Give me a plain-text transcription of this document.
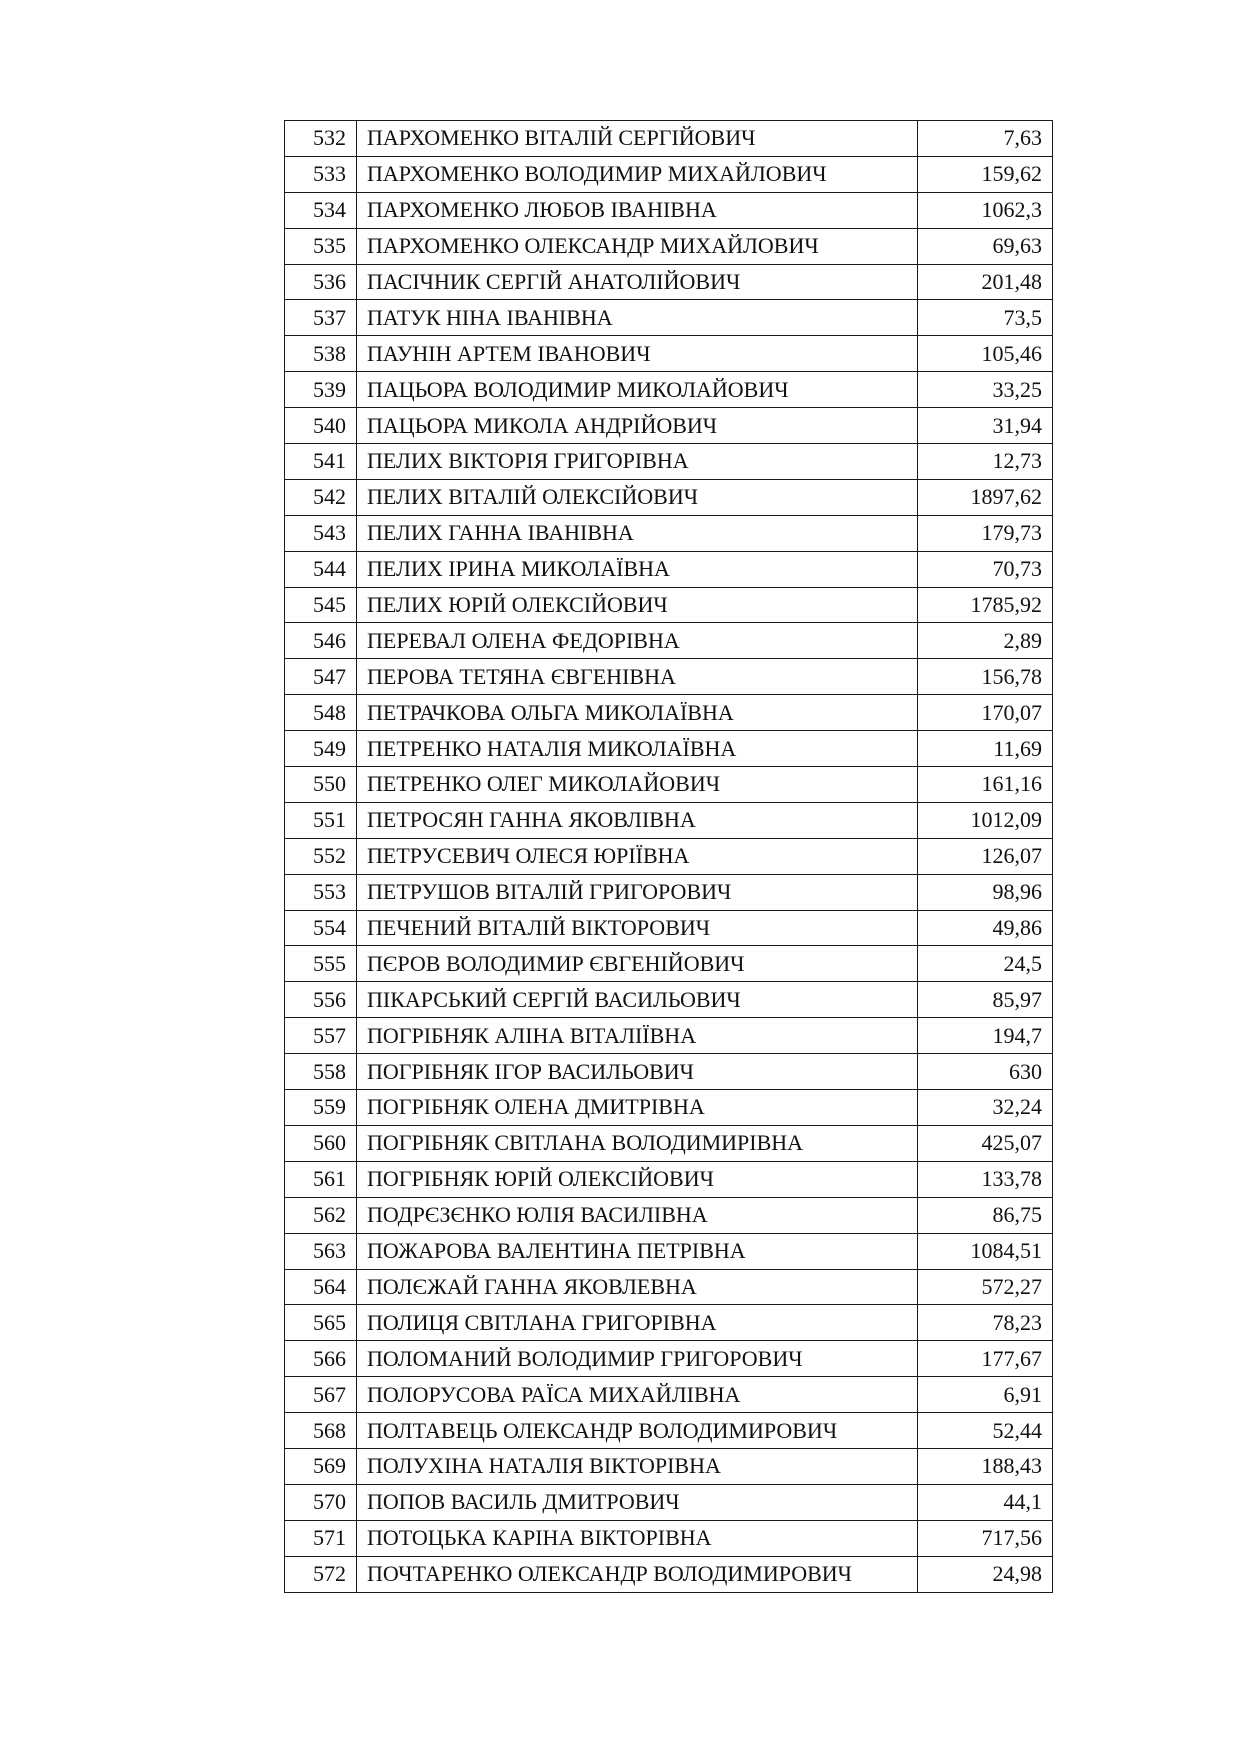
532	ПАРХОМЕНКО ВІТАЛІЙ СЕРГІЙОВИЧ	7,63
533	ПАРХОМЕНКО ВОЛОДИМИР МИХАЙЛОВИЧ	159,62
534	ПАРХОМЕНКО ЛЮБОВ ІВАНІВНА	1062,3
535	ПАРХОМЕНКО ОЛЕКСАНДР МИХАЙЛОВИЧ	69,63
536	ПАСІЧНИК СЕРГІЙ АНАТОЛІЙОВИЧ	201,48
537	ПАТУК НІНА ІВАНІВНА	73,5
538	ПАУНІН АРТЕМ ІВАНОВИЧ	105,46
539	ПАЦЬОРА ВОЛОДИМИР МИКОЛАЙОВИЧ	33,25
540	ПАЦЬОРА МИКОЛА АНДРІЙОВИЧ	31,94
541	ПЕЛИХ ВІКТОРІЯ ГРИГОРІВНА	12,73
542	ПЕЛИХ ВІТАЛІЙ ОЛЕКСІЙОВИЧ	1897,62
543	ПЕЛИХ ГАННА ІВАНІВНА	179,73
544	ПЕЛИХ ІРИНА МИКОЛАЇВНА	70,73
545	ПЕЛИХ ЮРІЙ ОЛЕКСІЙОВИЧ	1785,92
546	ПЕРЕВАЛ ОЛЕНА ФЕДОРІВНА	2,89
547	ПЕРОВА ТЕТЯНА ЄВГЕНІВНА	156,78
548	ПЕТРАЧКОВА ОЛЬГА МИКОЛАЇВНА	170,07
549	ПЕТРЕНКО НАТАЛІЯ МИКОЛАЇВНА	11,69
550	ПЕТРЕНКО ОЛЕГ МИКОЛАЙОВИЧ	161,16
551	ПЕТРОСЯН ГАННА ЯКОВЛІВНА	1012,09
552	ПЕТРУСЕВИЧ ОЛЕСЯ ЮРІЇВНА	126,07
553	ПЕТРУШОВ ВІТАЛІЙ ГРИГОРОВИЧ	98,96
554	ПЕЧЕНИЙ ВІТАЛІЙ ВІКТОРОВИЧ	49,86
555	ПЄРОВ ВОЛОДИМИР ЄВГЕНІЙОВИЧ	24,5
556	ПІКАРСЬКИЙ СЕРГІЙ ВАСИЛЬОВИЧ	85,97
557	ПОГРІБНЯК АЛІНА ВІТАЛІЇВНА	194,7
558	ПОГРІБНЯК ІГОР ВАСИЛЬОВИЧ	630
559	ПОГРІБНЯК ОЛЕНА ДМИТРІВНА	32,24
560	ПОГРІБНЯК СВІТЛАНА ВОЛОДИМИРІВНА	425,07
561	ПОГРІБНЯК ЮРІЙ ОЛЕКСІЙОВИЧ	133,78
562	ПОДРЄЗЄНКО ЮЛІЯ ВАСИЛІВНА	86,75
563	ПОЖАРОВА ВАЛЕНТИНА ПЕТРІВНА	1084,51
564	ПОЛЄЖАЙ ГАННА ЯКОВЛЕВНА	572,27
565	ПОЛИЦЯ СВІТЛАНА ГРИГОРІВНА	78,23
566	ПОЛОМАНИЙ ВОЛОДИМИР ГРИГОРОВИЧ	177,67
567	ПОЛОРУСОВА РАЇСА МИХАЙЛІВНА	6,91
568	ПОЛТАВЕЦЬ ОЛЕКСАНДР ВОЛОДИМИРОВИЧ	52,44
569	ПОЛУХІНА НАТАЛІЯ ВІКТОРІВНА	188,43
570	ПОПОВ ВАСИЛЬ ДМИТРОВИЧ	44,1
571	ПОТОЦЬКА КАРІНА ВІКТОРІВНА	717,56
572	ПОЧТАРЕНКО ОЛЕКСАНДР ВОЛОДИМИРОВИЧ	24,98
